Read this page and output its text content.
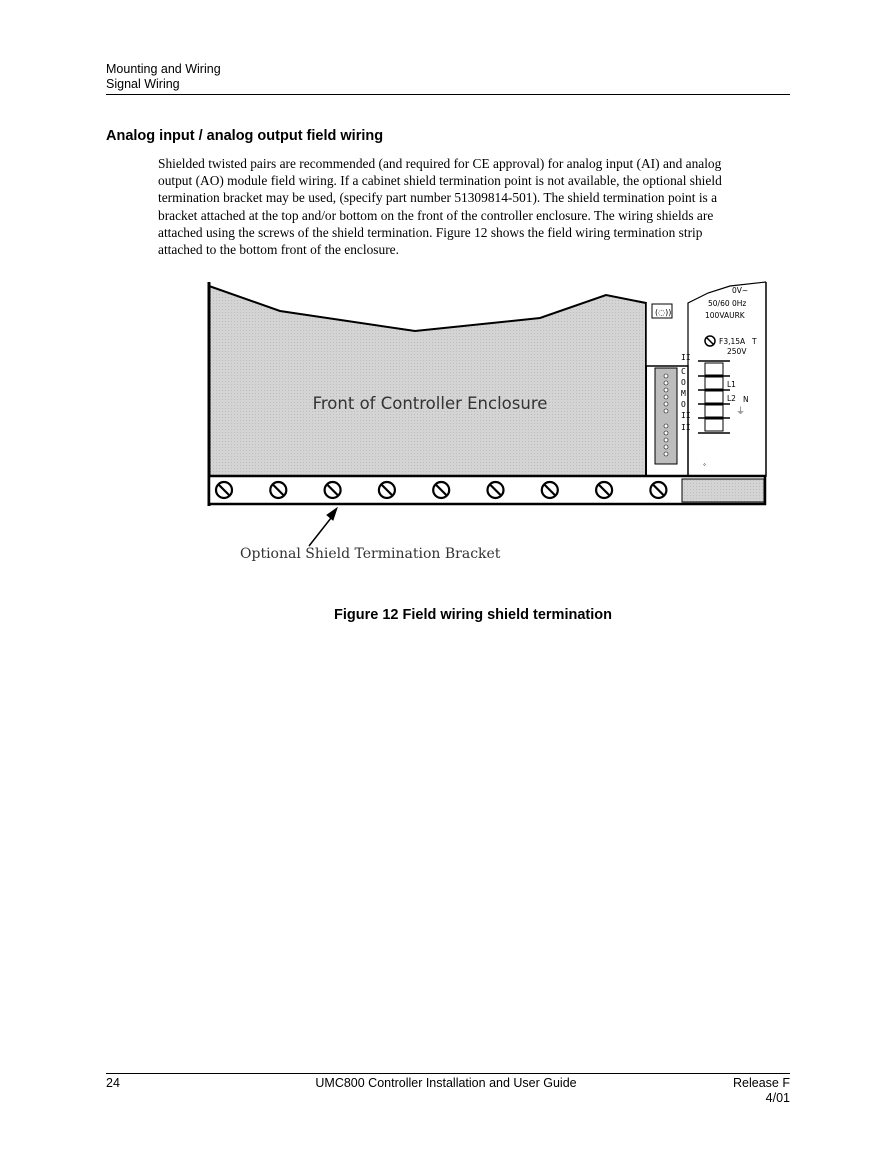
Mounting and Wiring
Signal Wiring
Analog input / analog output field wiring
Shielded twisted pairs are recommended (and required for CE approval) for analog input (AI) and analog
output (AO) module field wiring. If a cabinet shield termination point is not available, the optional shield
termination bracket may be used, (specify part number 51309814-501). The shield termination point is a
bracket attached at the top and/or bottom on the front of the controller enclosure. The wiring shields are
attached using the screws of the shield termination. Figure 12 shows the field wiring termination strip
attached to the bottom front of the enclosure.
(◌))
II
C
O
M
O
II
II
0V~
50/60 0Hz
100VAURK
F3,15A T
250V
L1
L2 N
⏚
°
Front of Controller Enclosure
Optional Shield Termination Bracket
Figure 12 Field wiring shield termination
24	UMC800 Controller Installation and User Guide	Release F
4/01
